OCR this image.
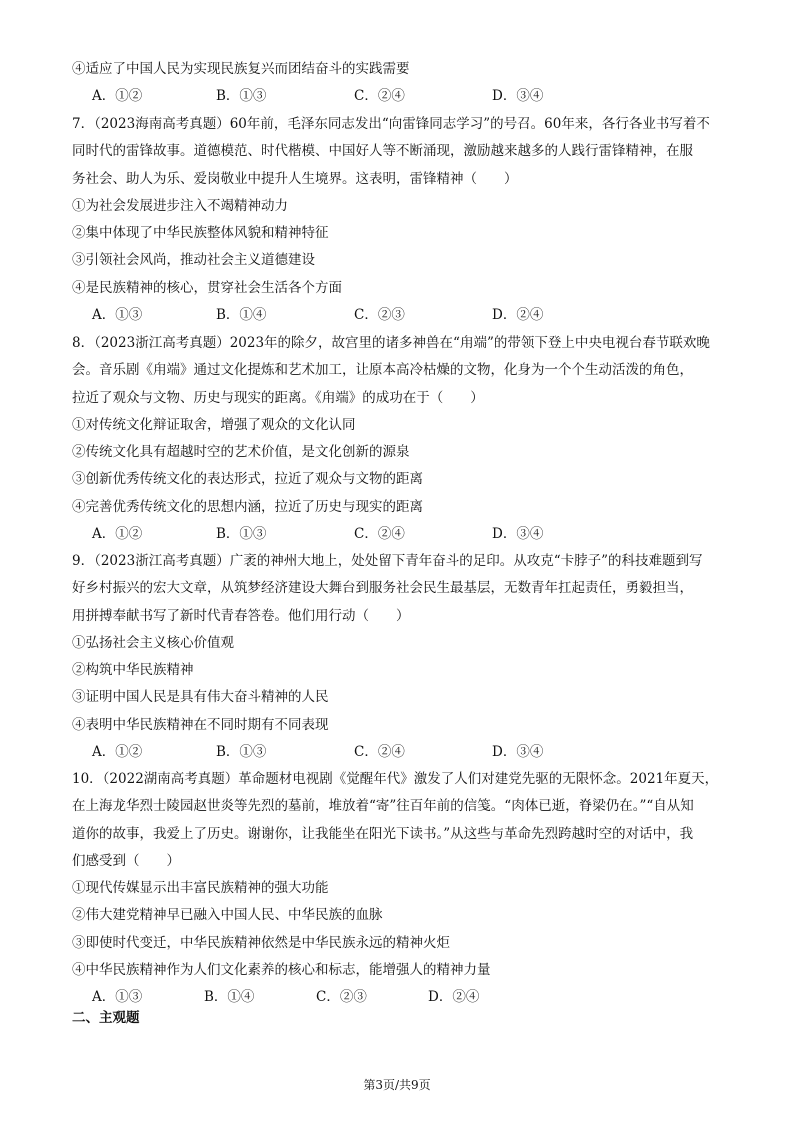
④适应了中国人民为实现民族复兴而团结奋斗的实践需要
A．①②	B．①③	C．②④	D．③④
7．（2023海南高考真题）60年前，毛泽东同志发出“向雷锋同志学习”的号召。60年来，各行各业书写着不
同时代的雷锋故事。道德模范、时代楷模、中国好人等不断涌现，激励越来越多的人践行雷锋精神，在服
务社会、助人为乐、爱岗敬业中提升人生境界。这表明，雷锋精神（　　）
①为社会发展进步注入不竭精神动力
②集中体现了中华民族整体风貌和精神特征
③引领社会风尚，推动社会主义道德建设
④是民族精神的核心，贯穿社会生活各个方面
A．①③	B．①④	C．②③	D．②④
8．（2023浙江高考真题）2023年的除夕，故宫里的诸多神兽在“甪端”的带领下登上中央电视台春节联欢晚
会。音乐剧《甪端》通过文化提炼和艺术加工，让原本高冷枯燥的文物，化身为一个个生动活泼的角色，
拉近了观众与文物、历史与现实的距离。《甪端》的成功在于（　　）
①对传统文化辩证取舍，增强了观众的文化认同
②传统文化具有超越时空的艺术价值，是文化创新的源泉
③创新优秀传统文化的表达形式，拉近了观众与文物的距离
④完善优秀传统文化的思想内涵，拉近了历史与现实的距离
A．①②	B．①③	C．②④	D．③④
9．（2023浙江高考真题）广袤的神州大地上，处处留下青年奋斗的足印。从攻克“卡脖子”的科技难题到写
好乡村振兴的宏大文章，从筑梦经济建设大舞台到服务社会民生最基层，无数青年扛起责任，勇毅担当，
用拼搏奉献书写了新时代青春答卷。他们用行动（　　）
①弘扬社会主义核心价值观
②构筑中华民族精神
③证明中国人民是具有伟大奋斗精神的人民
④表明中华民族精神在不同时期有不同表现
A．①②	B．①③	C．②④	D．③④
10．（2022湖南高考真题）革命题材电视剧《觉醒年代》激发了人们对建党先驱的无限怀念。2021年夏天，
在上海龙华烈士陵园赵世炎等先烈的墓前，堆放着“寄”往百年前的信笺。“肉体已逝，脊梁仍在。”“自从知
道你的故事，我爱上了历史。谢谢你，让我能坐在阳光下读书。”从这些与革命先烈跨越时空的对话中，我
们感受到（　　）
①现代传媒显示出丰富民族精神的强大功能
②伟大建党精神早已融入中国人民、中华民族的血脉
③即使时代变迁，中华民族精神依然是中华民族永远的精神火炬
④中华民族精神作为人们文化素养的核心和标志，能增强人的精神力量
A．①③	B．①④	C．②③	D．②④
二、主观题
第3页/共9页
